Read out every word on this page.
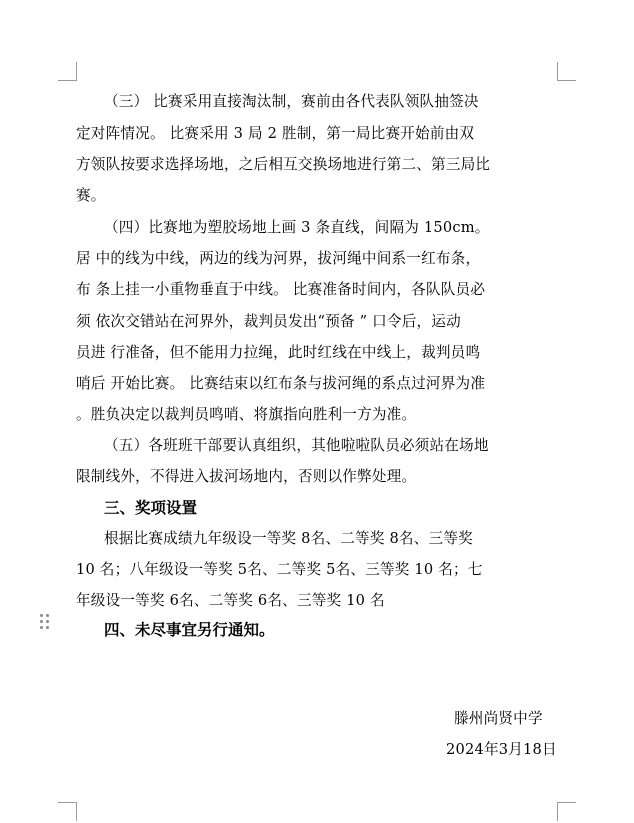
（三） 比赛采用直接淘汰制，赛前由各代表队领队抽签决
定对阵情况。 比赛采用 3 局 2 胜制，第一局比赛开始前由双
方领队按要求选择场地，之后相互交换场地进行第二、第三局比
赛。
（四）比赛地为塑胶场地上画 3 条直线，间隔为 150cm。
居 中的线为中线，两边的线为河界，拔河绳中间系一红布条，
布 条上挂一小重物垂直于中线。 比赛准备时间内，各队队员必
须 依次交错站在河界外，裁判员发出“预备 ” 口令后，运动
员进 行准备，但不能用力拉绳，此时红线在中线上，裁判员鸣
哨后 开始比赛。 比赛结束以红布条与拔河绳的系点过河界为准
。胜负决定以裁判员鸣哨、将旗指向胜利一方为准。
（五）各班班干部要认真组织，其他啦啦队员必须站在场地
限制线外，不得进入拔河场地内，否则以作弊处理。
三、奖项设置
根据比赛成绩九年级设一等奖 8名、二等奖 8名、三等奖
10 名；八年级设一等奖 5名、二等奖 5名、三等奖 10 名；七
年级设一等奖 6名、二等奖 6名、三等奖 10 名
四、未尽事宜另行通知。
滕州尚贤中学
2024年3月18日
